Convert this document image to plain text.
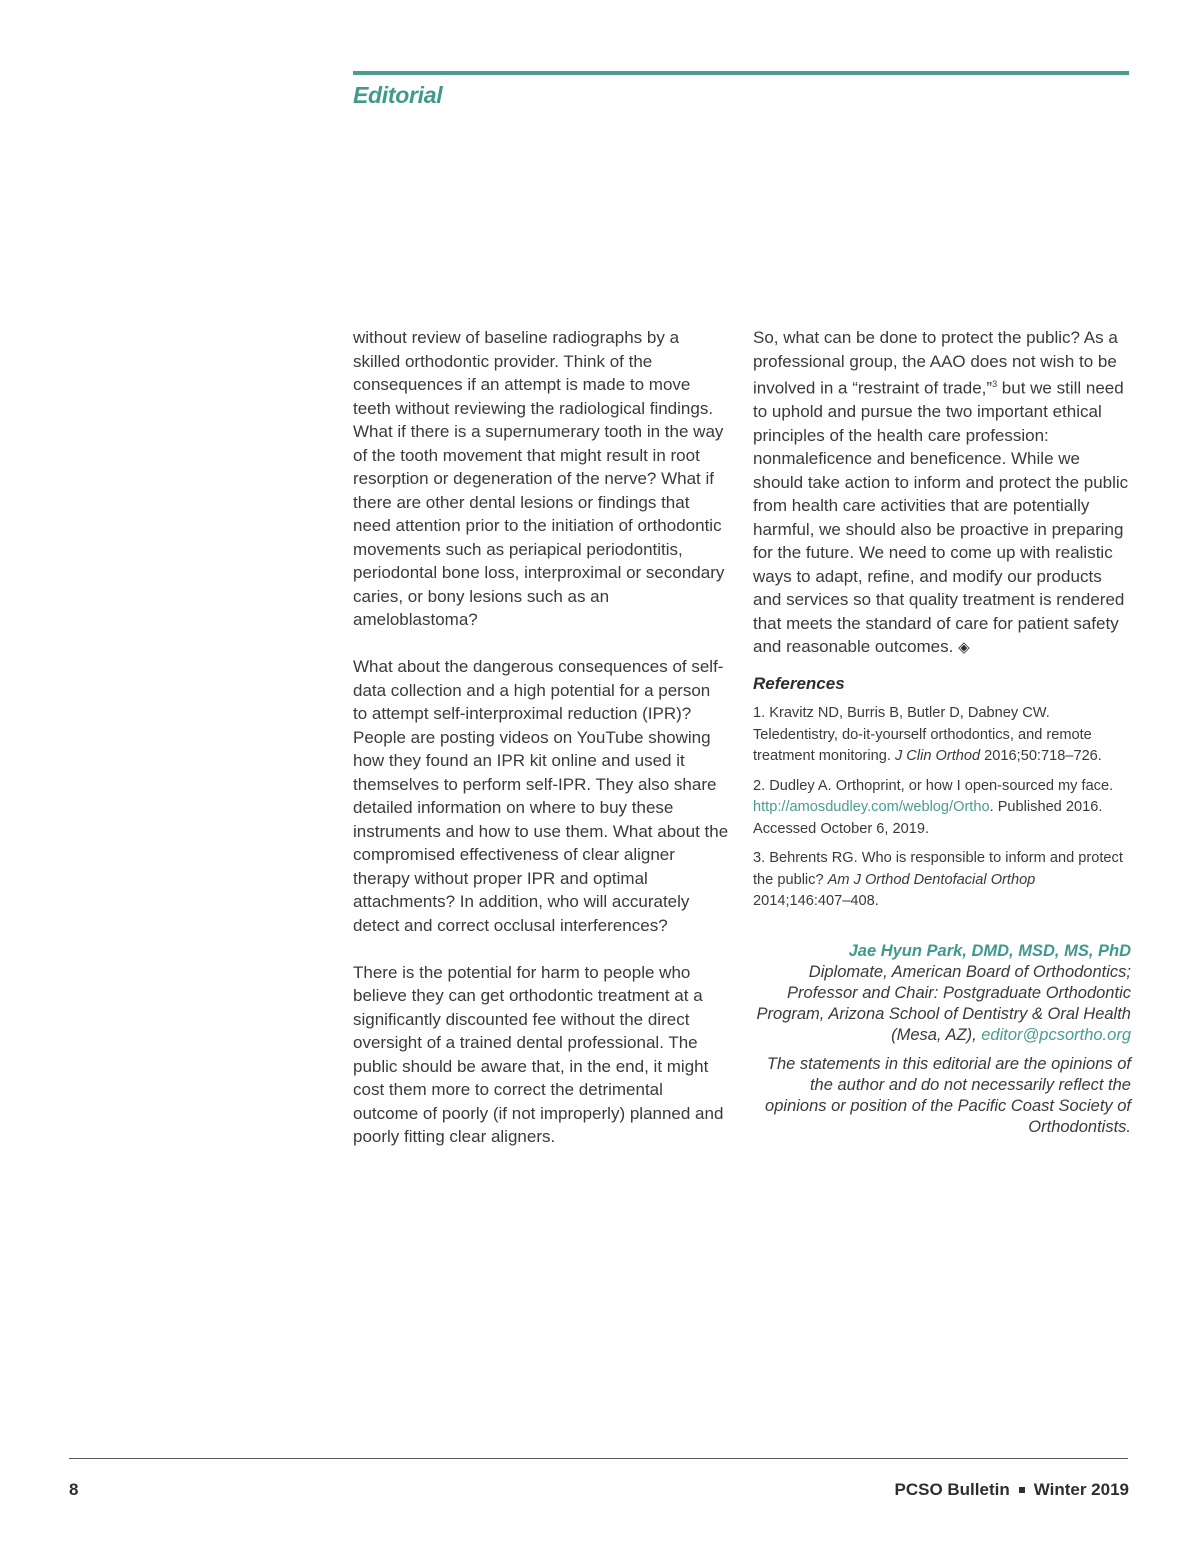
Editorial

without review of baseline radiographs by a skilled orthodontic provider. Think of the consequences if an attempt is made to move teeth without reviewing the radiological findings. What if there is a supernumerary tooth in the way of the tooth movement that might result in root resorption or degeneration of the nerve? What if there are other dental lesions or findings that need attention prior to the initiation of orthodontic movements such as periapical periodontitis, periodontal bone loss, interproximal or secondary caries, or bony lesions such as an ameloblastoma?

What about the dangerous consequences of self-data collection and a high potential for a person to attempt self-interproximal reduction (IPR)? People are posting videos on YouTube showing how they found an IPR kit online and used it themselves to perform self-IPR. They also share detailed information on where to buy these instruments and how to use them. What about the compromised effectiveness of clear aligner therapy without proper IPR and optimal attachments? In addition, who will accurately detect and correct occlusal interferences?

There is the potential for harm to people who believe they can get orthodontic treatment at a significantly discounted fee without the direct oversight of a trained dental professional. The public should be aware that, in the end, it might cost them more to correct the detrimental outcome of poorly (if not improperly) planned and poorly fitting clear aligners.

So, what can be done to protect the public? As a professional group, the AAO does not wish to be involved in a “restraint of trade,”$^3$ but we still need to uphold and pursue the two important ethical principles of the health care profession: nonmaleficence and beneficence. While we should take action to inform and protect the public from health care activities that are potentially harmful, we should also be proactive in preparing for the future. We need to come up with realistic ways to adapt, refine, and modify our products and services so that quality treatment is rendered that meets the standard of care for patient safety and reasonable outcomes. ◈

References
1. Kravitz ND, Burris B, Butler D, Dabney CW. Teledentistry, do-it-yourself orthodontics, and remote treatment monitoring. J Clin Orthod 2016;50:718–726.
2. Dudley A. Orthoprint, or how I open-sourced my face. http://amosdudley.com/weblog/Ortho. Published 2016. Accessed October 6, 2019.
3. Behrents RG. Who is responsible to inform and protect the public? Am J Orthod Dentofacial Orthop 2014;146:407–408.
Jae Hyun Park, DMD, MSD, MS, PhD
Diplomate, American Board of Orthodontics; Professor and Chair: Postgraduate Orthodontic Program, Arizona School of Dentistry & Oral Health (Mesa, AZ), editor@pcsortho.org
The statements in this editorial are the opinions of the author and do not necessarily reflect the opinions or position of the Pacific Coast Society of Orthodontists.
8	PCSO Bulletin Winter 2019
